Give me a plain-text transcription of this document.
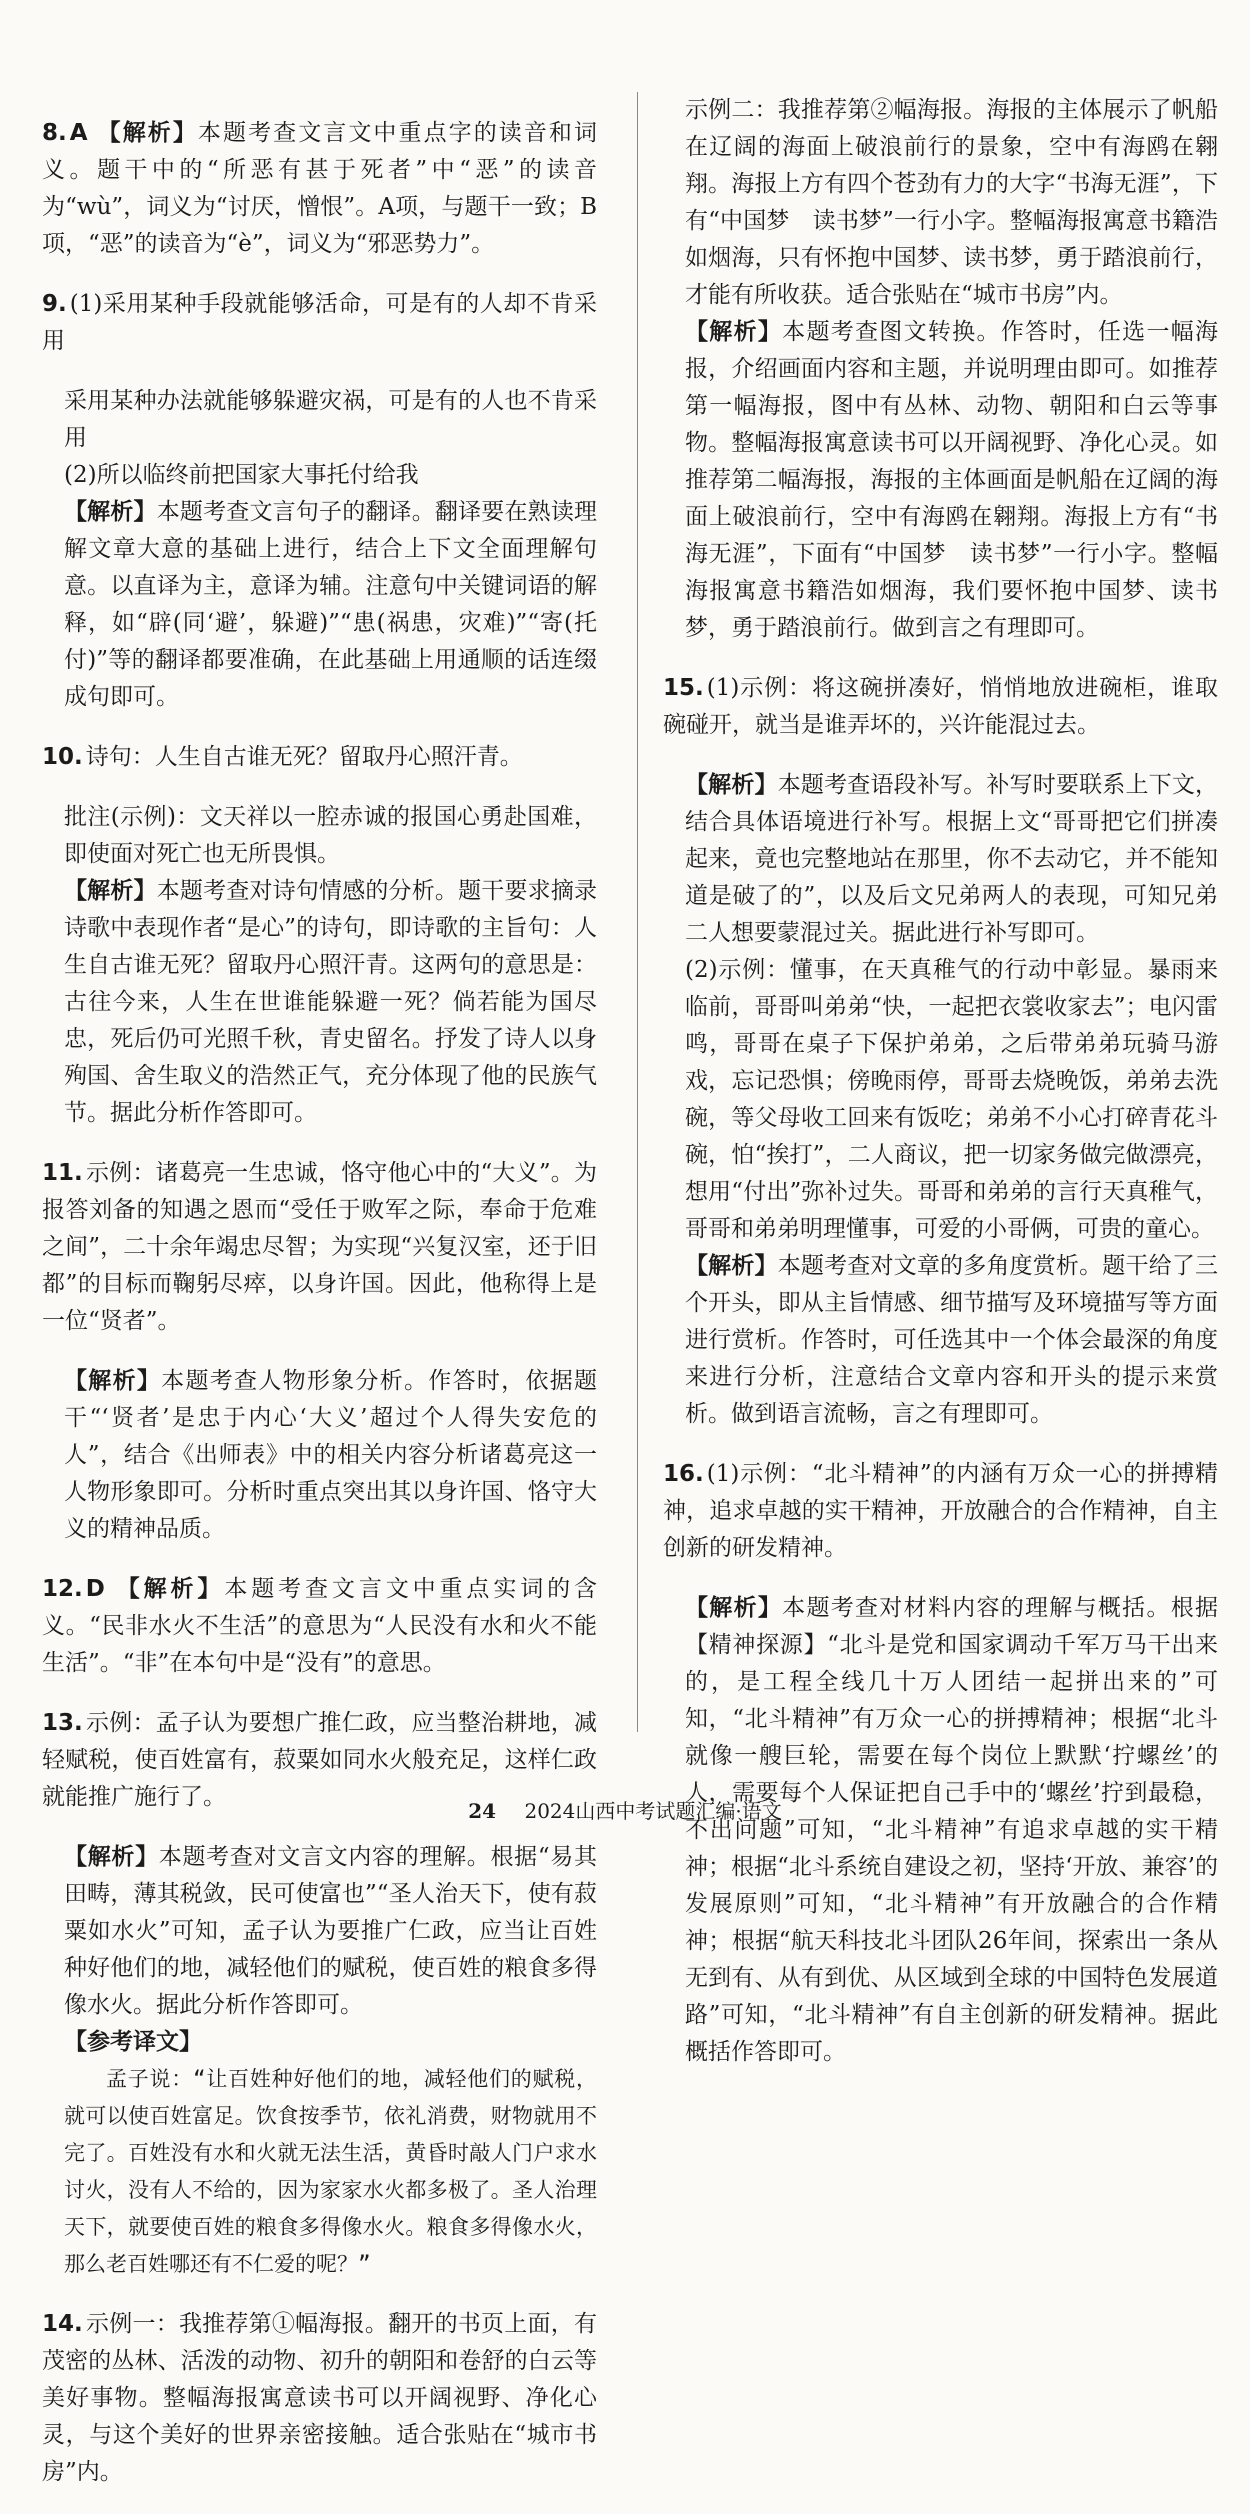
8. A 【解析】本题考查文言文中重点字的读音和词义。题干中的“所恶有甚于死者”中“恶”的读音为“wù”，词义为“讨厌，憎恨”。A项，与题干一致；B项，“恶”的读音为“è”，词义为“邪恶势力”。

9. (1)采用某种手段就能够活命，可是有的人却不肯采用

采用某种办法就能够躲避灾祸，可是有的人也不肯采用

(2)所以临终前把国家大事托付给我

【解析】本题考查文言句子的翻译。翻译要在熟读理解文章大意的基础上进行，结合上下文全面理解句意。以直译为主，意译为辅。注意句中关键词语的解释，如“辟(同‘避’，躲避)”“患(祸患，灾难)”“寄(托付)”等的翻译都要准确，在此基础上用通顺的话连缀成句即可。

10. 诗句：人生自古谁无死？留取丹心照汗青。

批注(示例)：文天祥以一腔赤诚的报国心勇赴国难，即使面对死亡也无所畏惧。

【解析】本题考查对诗句情感的分析。题干要求摘录诗歌中表现作者“是心”的诗句，即诗歌的主旨句：人生自古谁无死？留取丹心照汗青。这两句的意思是：古往今来，人生在世谁能躲避一死？倘若能为国尽忠，死后仍可光照千秋，青史留名。抒发了诗人以身殉国、舍生取义的浩然正气，充分体现了他的民族气节。据此分析作答即可。

11. 示例：诸葛亮一生忠诚，恪守他心中的“大义”。为报答刘备的知遇之恩而“受任于败军之际，奉命于危难之间”，二十余年竭忠尽智；为实现“兴复汉室，还于旧都”的目标而鞠躬尽瘁，以身许国。因此，他称得上是一位“贤者”。

【解析】本题考查人物形象分析。作答时，依据题干“‘贤者’是忠于内心‘大义’超过个人得失安危的人”，结合《出师表》中的相关内容分析诸葛亮这一人物形象即可。分析时重点突出其以身许国、恪守大义的精神品质。

12. D 【解析】本题考查文言文中重点实词的含义。“民非水火不生活”的意思为“人民没有水和火不能生活”。“非”在本句中是“没有”的意思。

13. 示例：孟子认为要想广推仁政，应当整治耕地，减轻赋税，使百姓富有，菽粟如同水火般充足，这样仁政就能推广施行了。

【解析】本题考查对文言文内容的理解。根据“易其田畴，薄其税敛，民可使富也”“圣人治天下，使有菽粟如水火”可知，孟子认为要推广仁政，应当让百姓种好他们的地，减轻他们的赋税，使百姓的粮食多得像水火。据此分析作答即可。

【参考译文】

孟子说：“让百姓种好他们的地，减轻他们的赋税，就可以使百姓富足。饮食按季节，依礼消费，财物就用不完了。百姓没有水和火就无法生活，黄昏时敲人门户求水讨火，没有人不给的，因为家家水火都多极了。圣人治理天下，就要使百姓的粮食多得像水火。粮食多得像水火，那么老百姓哪还有不仁爱的呢？”

14. 示例一：我推荐第①幅海报。翻开的书页上面，有茂密的丛林、活泼的动物、初升的朝阳和卷舒的白云等美好事物。整幅海报寓意读书可以开阔视野、净化心灵，与这个美好的世界亲密接触。适合张贴在“城市书房”内。

示例二：我推荐第②幅海报。海报的主体展示了帆船在辽阔的海面上破浪前行的景象，空中有海鸥在翱翔。海报上方有四个苍劲有力的大字“书海无涯”，下有“中国梦　读书梦”一行小字。整幅海报寓意书籍浩如烟海，只有怀抱中国梦、读书梦，勇于踏浪前行，才能有所收获。适合张贴在“城市书房”内。

【解析】本题考查图文转换。作答时，任选一幅海报，介绍画面内容和主题，并说明理由即可。如推荐第一幅海报，图中有丛林、动物、朝阳和白云等事物。整幅海报寓意读书可以开阔视野、净化心灵。如推荐第二幅海报，海报的主体画面是帆船在辽阔的海面上破浪前行，空中有海鸥在翱翔。海报上方有“书海无涯”，下面有“中国梦　读书梦”一行小字。整幅海报寓意书籍浩如烟海，我们要怀抱中国梦、读书梦，勇于踏浪前行。做到言之有理即可。

15. (1)示例：将这碗拼凑好，悄悄地放进碗柜，谁取碗碰开，就当是谁弄坏的，兴许能混过去。

【解析】本题考查语段补写。补写时要联系上下文，结合具体语境进行补写。根据上文“哥哥把它们拼凑起来，竟也完整地站在那里，你不去动它，并不能知道是破了的”，以及后文兄弟两人的表现，可知兄弟二人想要蒙混过关。据此进行补写即可。

(2)示例：懂事，在天真稚气的行动中彰显。暴雨来临前，哥哥叫弟弟“快，一起把衣裳收家去”；电闪雷鸣，哥哥在桌子下保护弟弟，之后带弟弟玩骑马游戏，忘记恐惧；傍晚雨停，哥哥去烧晚饭，弟弟去洗碗，等父母收工回来有饭吃；弟弟不小心打碎青花斗碗，怕“挨打”，二人商议，把一切家务做完做漂亮，想用“付出”弥补过失。哥哥和弟弟的言行天真稚气，哥哥和弟弟明理懂事，可爱的小哥俩，可贵的童心。

【解析】本题考查对文章的多角度赏析。题干给了三个开头，即从主旨情感、细节描写及环境描写等方面进行赏析。作答时，可任选其中一个体会最深的角度来进行分析，注意结合文章内容和开头的提示来赏析。做到语言流畅，言之有理即可。

16. (1)示例：“北斗精神”的内涵有万众一心的拼搏精神，追求卓越的实干精神，开放融合的合作精神，自主创新的研发精神。

【解析】本题考查对材料内容的理解与概括。根据【精神探源】“北斗是党和国家调动千军万马干出来的，是工程全线几十万人团结一起拼出来的”可知，“北斗精神”有万众一心的拼搏精神；根据“北斗就像一艘巨轮，需要在每个岗位上默默‘拧螺丝’的人，需要每个人保证把自己手中的‘螺丝’拧到最稳，不出问题”可知，“北斗精神”有追求卓越的实干精神；根据“北斗系统自建设之初，坚持‘开放、兼容’的发展原则”可知，“北斗精神”有开放融合的合作精神；根据“航天科技北斗团队26年间，探索出一条从无到有、从有到优、从区域到全球的中国特色发展道路”可知，“北斗精神”有自主创新的研发精神。据此概括作答即可。

24 2024山西中考试题汇编·语文
